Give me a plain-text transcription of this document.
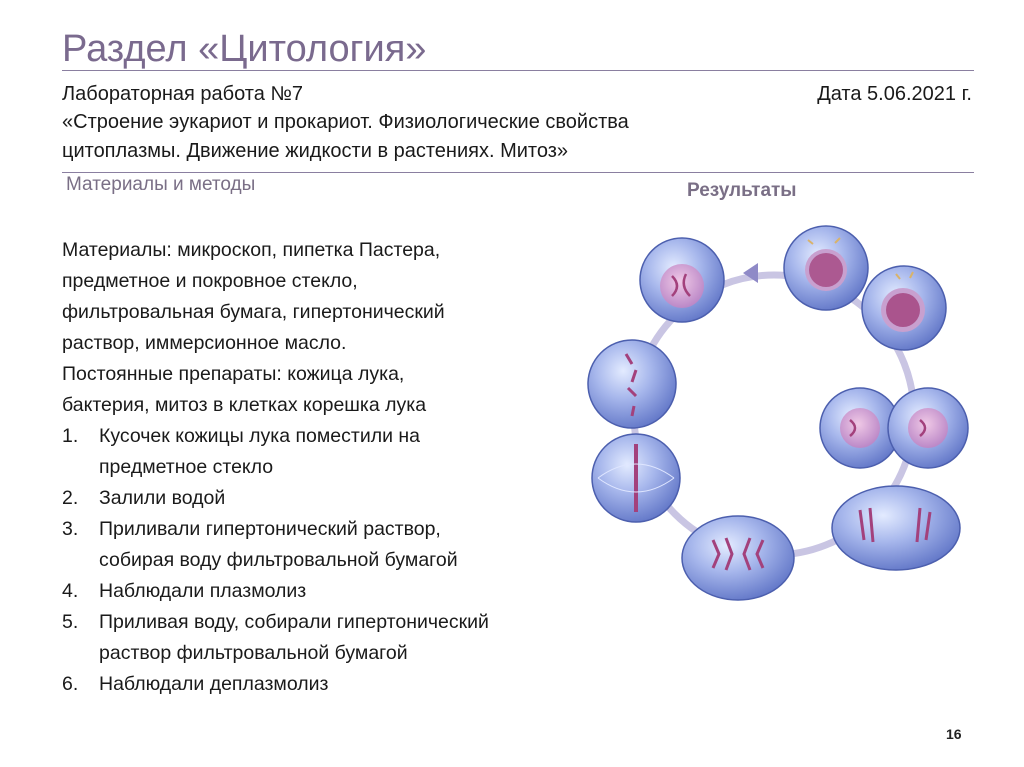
Раздел «Цитология»
Лабораторная работа №7	Дата 5.06.2021 г.
«Строение эукариот и прокариот. Физиологические свойства
цитоплазмы. Движение жидкости в растениях. Митоз»
Материалы и методы	Результаты

Материалы: микроскоп, пипетка Пастера,

предметное и покровное стекло,

фильтровальная бумага, гипертонический

раствор, иммерсионное масло.

Постоянные препараты: кожица лука,

бактерия, митоз в клетках корешка лука

1.	Кусочек кожицы лука поместили на
предметное стекло
2.	Залили водой
3.	Приливали гипертонический раствор,
собирая воду фильтровальной бумагой
4.	Наблюдали плазмолиз
5.	Приливая воду, собирали гипертонический
раствор фильтровальной бумагой
6.	Наблюдали деплазмолиз
16
